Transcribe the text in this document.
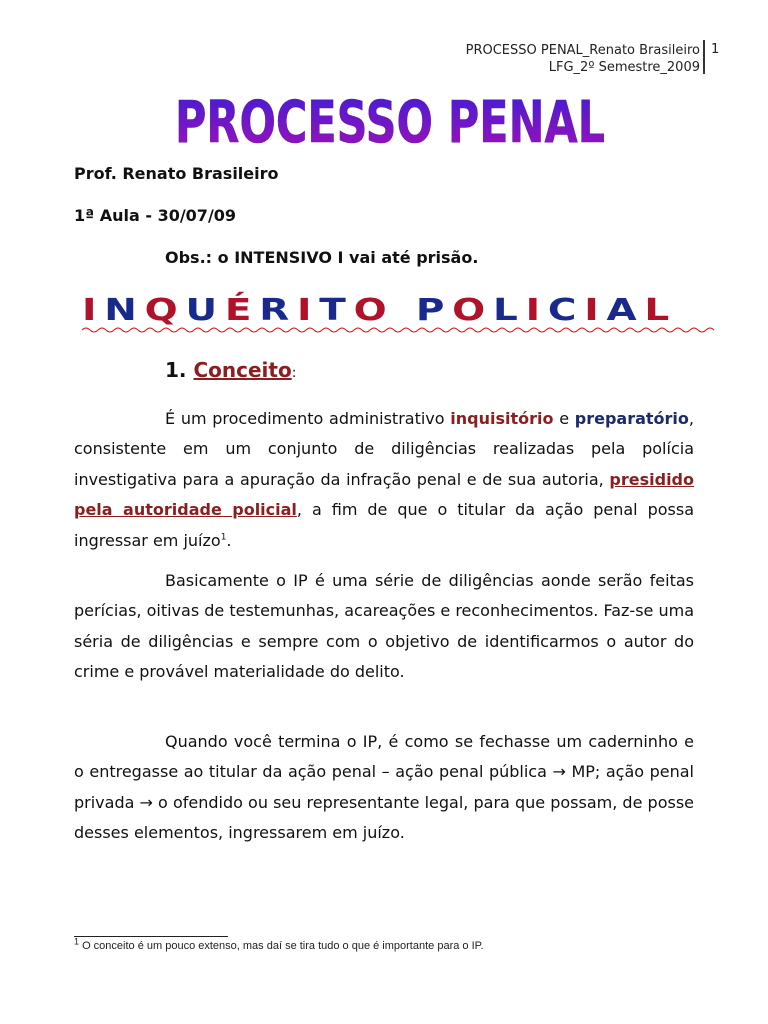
PROCESSO PENAL_Renato Brasileiro
LFG_2º Semestre_2009
1
PROCESSO PENAL
Prof. Renato Brasileiro
1ª Aula - 30/07/09
Obs.: o INTENSIVO I vai até prisão.
I N Q U É R I T O P O L I C I A L
1. Conceito:
É um procedimento administrativo inquisitório e preparatório, consistente em um conjunto de diligências realizadas pela polícia investigativa para a apuração da infração penal e de sua autoria, presidido pela autoridade policial, a fim de que o titular da ação penal possa ingressar em juízo$^1$.
Basicamente o IP é uma série de diligências aonde serão feitas perícias, oitivas de testemunhas, acareações e reconhecimentos. Faz-se uma séria de diligências e sempre com o objetivo de identificarmos o autor do crime e provável materialidade do delito.
Quando você termina o IP, é como se fechasse um caderninho e o entregasse ao titular da ação penal – ação penal pública → MP; ação penal privada → o ofendido ou seu representante legal, para que possam, de posse desses elementos, ingressarem em juízo.
$^1$ O conceito é um pouco extenso, mas daí se tira tudo o que é importante para o IP.
